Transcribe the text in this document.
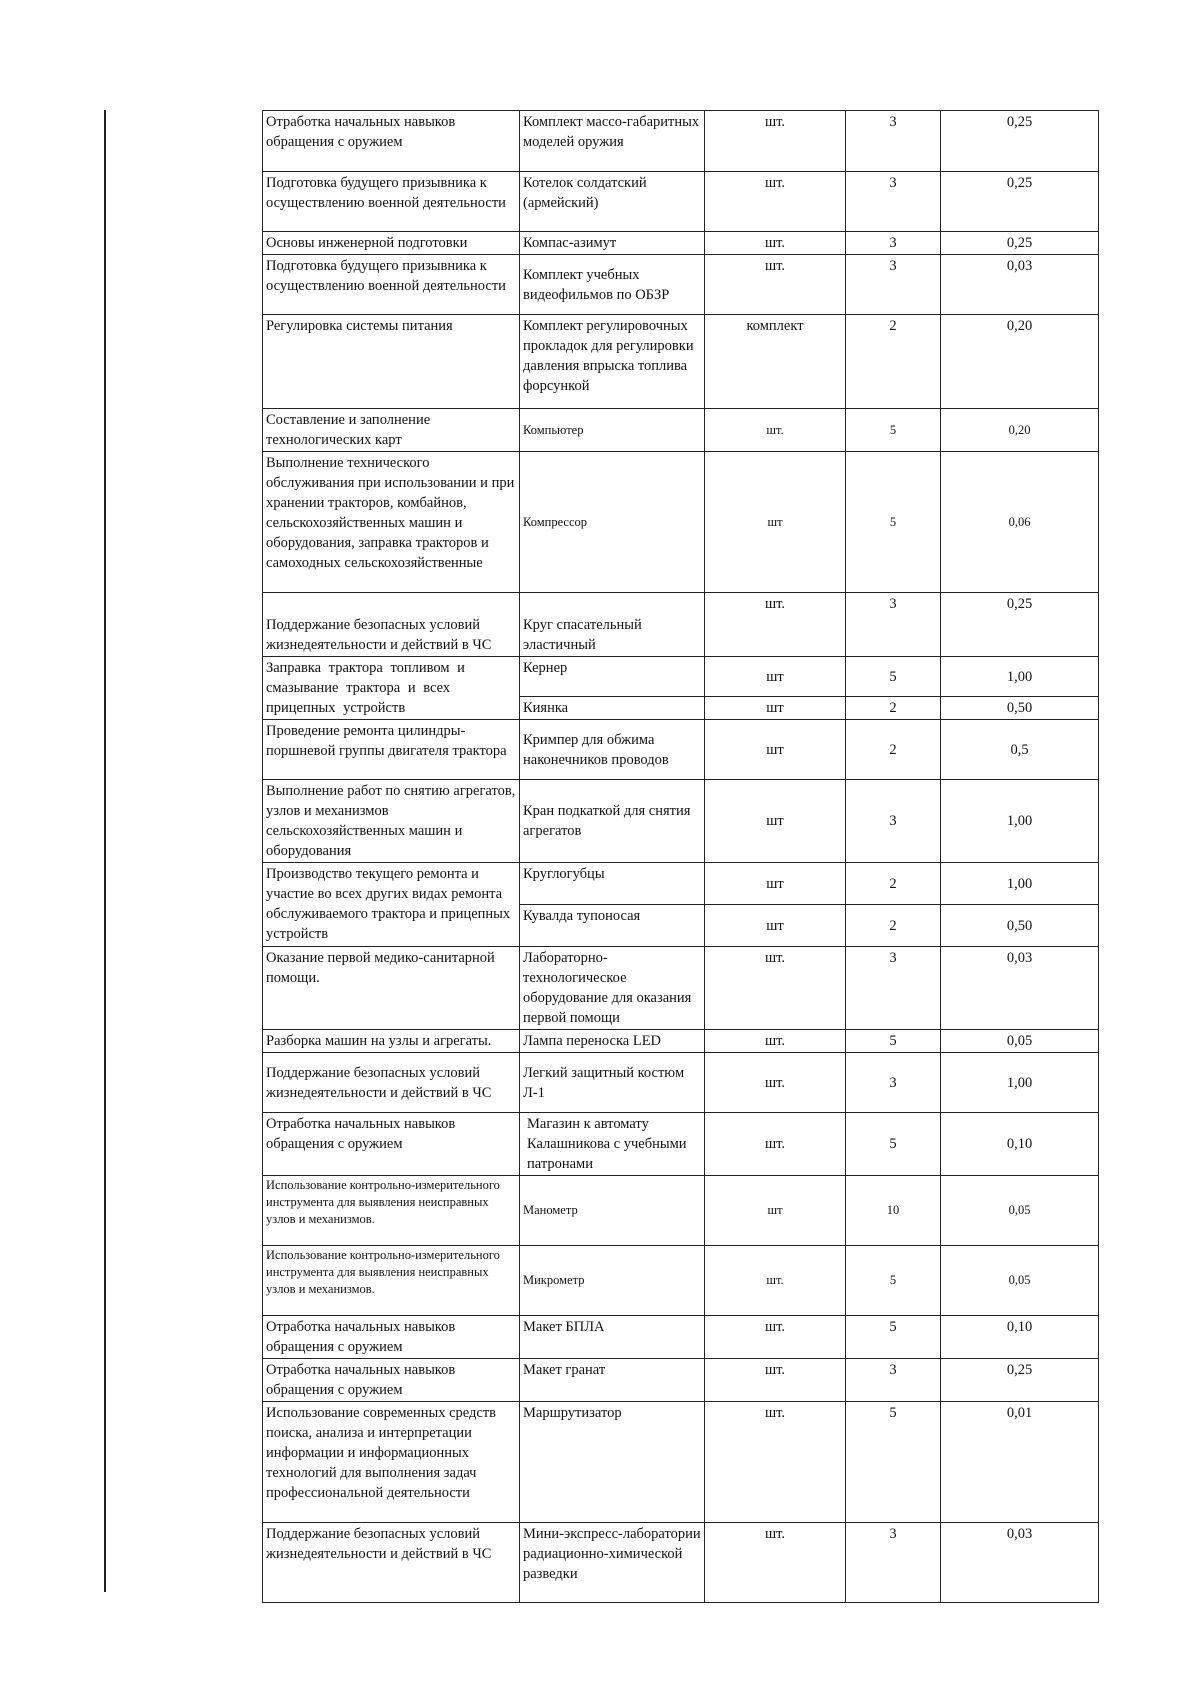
Отработка начальных навыков обращения с оружием	Комплект массо-габаритных моделей оружия	шт.	3	0,25
Подготовка будущего призывника к осуществлению военной деятельности	Котелок солдатский (армейский)	шт.	3	0,25
Основы инженерной подготовки	Компас-азимут	шт.	3	0,25
Подготовка будущего призывника к осуществлению военной деятельности	Комплект учебных видеофильмов по ОБЗР	шт.	3	0,03
Регулировка системы питания	Комплект регулировочных прокладок для регулировки давления впрыска топлива форсункой	комплект	2	0,20
Составление и заполнение технологических карт	Компьютер	шт.	5	0,20
Выполнение технического обслуживания при использовании и при хранении тракторов, комбайнов, сельскохозяйственных машин и оборудования, заправка тракторов и самоходных сельскохозяйственные	Компрессор	шт	5	0,06
Поддержание безопасных условий жизнедеятельности и действий в ЧС	Круг спасательный эластичный	шт.	3	0,25
Заправка трактора топливом и смазывание трактора и всех прицепных устройств	Кернер	шт	5	1,00
	Киянка	шт	2	0,50
Проведение ремонта цилиндры-поршневой группы двигателя трактора	Кримпер для обжима наконечников проводов	шт	2	0,5
Выполнение работ по снятию агрегатов, узлов и механизмов сельскохозяйственных машин и оборудования	Кран подкаткой для снятия агрегатов	шт	3	1,00
Производство текущего ремонта и участие во всех других видах ремонта обслуживаемого трактора и прицепных устройств	Круглогубцы	шт	2	1,00
	Кувалда тупоносая	шт	2	0,50
Оказание первой медико-санитарной помощи.	Лабораторно-технологическое оборудование для оказания первой помощи	шт.	3	0,03
Разборка машин на узлы и агрегаты.	Лампа переноска LED	шт.	5	0,05
Поддержание безопасных условий жизнедеятельности и действий в ЧС	Легкий защитный костюм Л-1	шт.	3	1,00
Отработка начальных навыков обращения с оружием	Магазин к автомату Калашникова с учебными патронами	шт.	5	0,10
Использование контрольно-измерительного инструмента для выявления неисправных узлов и механизмов.	Манометр	шт	10	0,05
Использование контрольно-измерительного инструмента для выявления неисправных узлов и механизмов.	Микрометр	шт.	5	0,05
Отработка начальных навыков обращения с оружием	Макет БПЛА	шт.	5	0,10
Отработка начальных навыков обращения с оружием	Макет гранат	шт.	3	0,25
Использование современных средств поиска, анализа и интерпретации информации и информационных технологий для выполнения задач профессиональной деятельности	Маршрутизатор	шт.	5	0,01
Поддержание безопасных условий жизнедеятельности и действий в ЧС	Мини-экспресс-лаборатории радиационно-химической разведки	шт.	3	0,03
